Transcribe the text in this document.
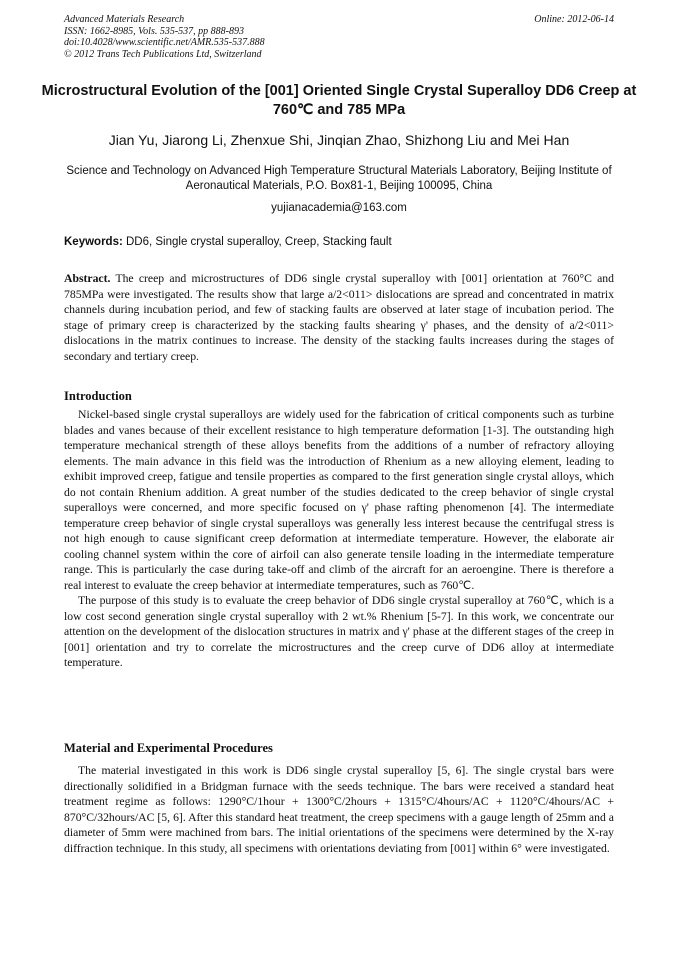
Advanced Materials Research
ISSN: 1662-8985, Vols. 535-537, pp 888-893
doi:10.4028/www.scientific.net/AMR.535-537.888
© 2012 Trans Tech Publications Ltd, Switzerland
Online: 2012-06-14
Microstructural Evolution of the [001] Oriented Single Crystal Superalloy DD6 Creep at 760℃ and 785 MPa
Jian Yu, Jiarong Li, Zhenxue Shi, Jinqian Zhao, Shizhong Liu and Mei Han
Science and Technology on Advanced High Temperature Structural Materials Laboratory, Beijing Institute of Aeronautical Materials, P.O. Box81-1, Beijing 100095, China
yujianacademia@163.com
Keywords: DD6, Single crystal superalloy, Creep, Stacking fault

Abstract. The creep and microstructures of DD6 single crystal superalloy with [001] orientation at 760°C and 785MPa were investigated. The results show that large a/2<011> dislocations are spread and concentrated in matrix channels during incubation period, and few of stacking faults are observed at later stage of incubation period. The stage of primary creep is characterized by the stacking faults shearing γ' phases, and the density of a/2<011> dislocations in the matrix continues to increase. The density of the stacking faults increases during the stages of secondary and tertiary creep.

Introduction

Nickel-based single crystal superalloys are widely used for the fabrication of critical components such as turbine blades and vanes because of their excellent resistance to high temperature deformation [1-3]. The outstanding high temperature mechanical strength of these alloys benefits from the additions of a number of refractory alloying elements. The main advance in this field was the introduction of Rhenium as a new alloying element, leading to exhibit improved creep, fatigue and tensile properties as compared to the first generation single crystal alloys, which do not contain Rhenium addition. A great number of the studies dedicated to the creep behavior of single crystal superalloys were concerned, and more specific focused on γ' phase rafting phenomenon [4]. The intermediate temperature creep behavior of single crystal superalloys was generally less interest because the centrifugal stress is not high enough to cause significant creep deformation at intermediate temperature. However, the elaborate air cooling channel system within the core of airfoil can also generate tensile loading in the intermediate temperature range. This is particularly the case during take-off and climb of the aircraft for an aeroengine. There is therefore a real interest to evaluate the creep behavior at intermediate temperatures, such as 760℃.

The purpose of this study is to evaluate the creep behavior of DD6 single crystal superalloy at 760℃, which is a low cost second generation single crystal superalloy with 2 wt.% Rhenium [5-7]. In this work, we concentrate our attention on the development of the dislocation structures in matrix and γ' phase at the different stages of the creep in [001] orientation and try to correlate the microstructures and the creep curve of DD6 alloy at intermediate temperature.

Material and Experimental Procedures

The material investigated in this work is DD6 single crystal superalloy [5, 6]. The single crystal bars were directionally solidified in a Bridgman furnace with the seeds technique. The bars were received a standard heat treatment regime as follows: 1290°C/1hour + 1300°C/2hours + 1315°C/4hours/AC + 1120°C/4hours/AC + 870°C/32hours/AC [5, 6]. After this standard heat treatment, the creep specimens with a gauge length of 25mm and a diameter of 5mm were machined from bars. The initial orientations of the specimens were determined by the X-ray diffraction technique. In this study, all specimens with orientations deviating from [001] within 6° were investigated.
